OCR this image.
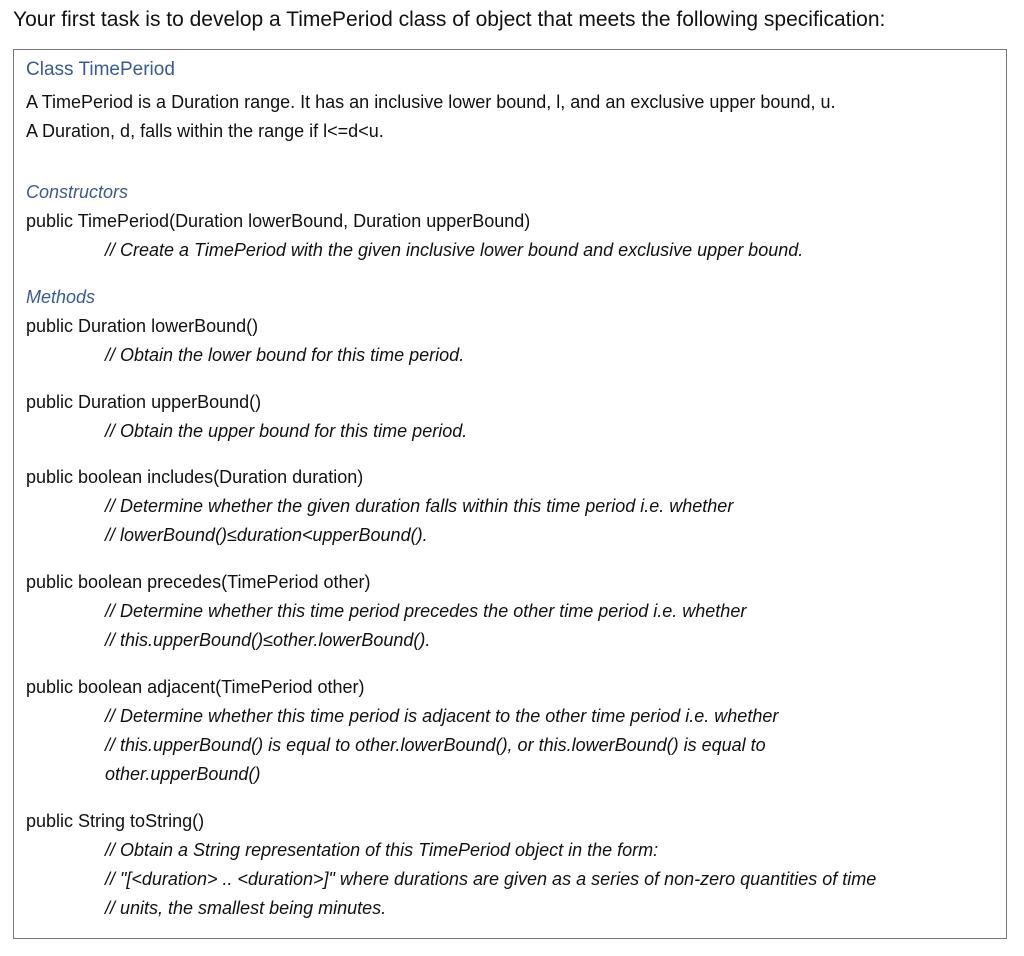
Your first task is to develop a TimePeriod class of object that meets the following specification:
Class TimePeriod
A TimePeriod is a Duration range. It has an inclusive lower bound, l, and an exclusive upper bound, u.
A Duration, d, falls within the range if l<=d<u.
Constructors
public TimePeriod(Duration lowerBound, Duration upperBound)
// Create a TimePeriod with the given inclusive lower bound and exclusive upper bound.
Methods
public Duration lowerBound()
// Obtain the lower bound for this time period.
public Duration upperBound()
// Obtain the upper bound for this time period.
public boolean includes(Duration duration)
// Determine whether the given duration falls within this time period i.e. whether
// lowerBound()≤duration<upperBound().
public boolean precedes(TimePeriod other)
// Determine whether this time period precedes the other time period i.e. whether
// this.upperBound()≤other.lowerBound().
public boolean adjacent(TimePeriod other)
// Determine whether this time period is adjacent to the other time period i.e. whether
// this.upperBound() is equal to other.lowerBound(), or this.lowerBound() is equal to
other.upperBound()
public String toString()
// Obtain a String representation of this TimePeriod object in the form:
// "[<duration> .. <duration>]" where durations are given as a series of non-zero quantities of time
// units, the smallest being minutes.
